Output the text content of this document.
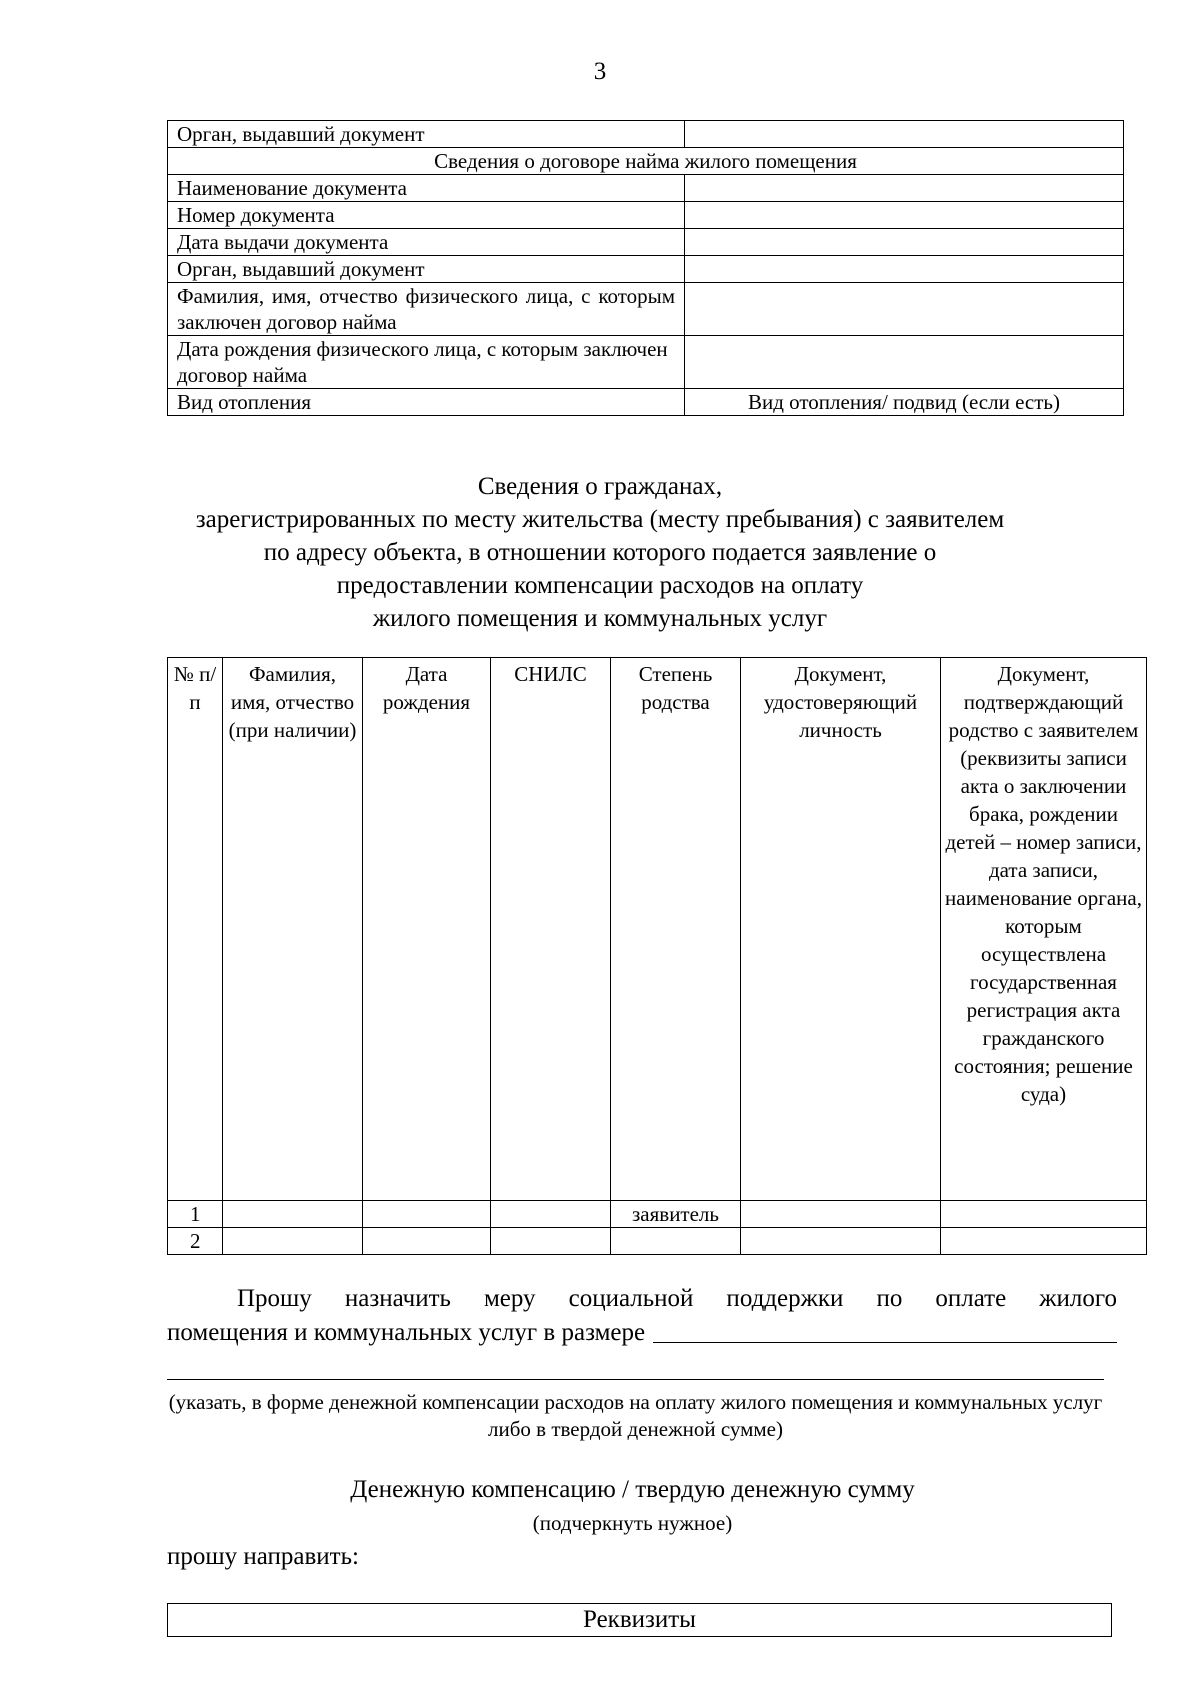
3
Орган, выдавший документ	
Сведения о договоре найма жилого помещения	
Наименование документа	
Номер документа	
Дата выдачи документа	
Орган, выдавший документ	
Фамилия, имя, отчество физического лица, с которым заключен договор найма	
Дата рождения физического лица, с которым заключен договор найма	
Вид отопления	Вид отопления/ подвид (если есть)
Сведения о гражданах,
зарегистрированных по месту жительства (месту пребывания) с заявителем
по адресу объекта, в отношении которого подается заявление о
предоставлении компенсации расходов на оплату
жилого помещения и коммунальных услуг
№ п/п	Фамилия, имя, отчество (при наличии)	Дата рождения	СНИЛС	Степень родства	Документ, удостоверяющий личность	Документ, подтверждающий родство с заявителем (реквизиты записи акта о заключении брака, рождении детей – номер записи, дата записи, наименование органа, которым осуществлена государственная регистрация акта гражданского состояния; решение суда)
1				заявитель		
2						
Прошу назначить меру социальной поддержки по оплате жилого
помещения и коммунальных услуг в размере
(указать, в форме денежной компенсации расходов на оплату жилого помещения и коммунальных услуг либо в твердой денежной сумме)
Денежную компенсацию / твердую денежную сумму
(подчеркнуть нужное)
прошу направить:
Реквизиты
